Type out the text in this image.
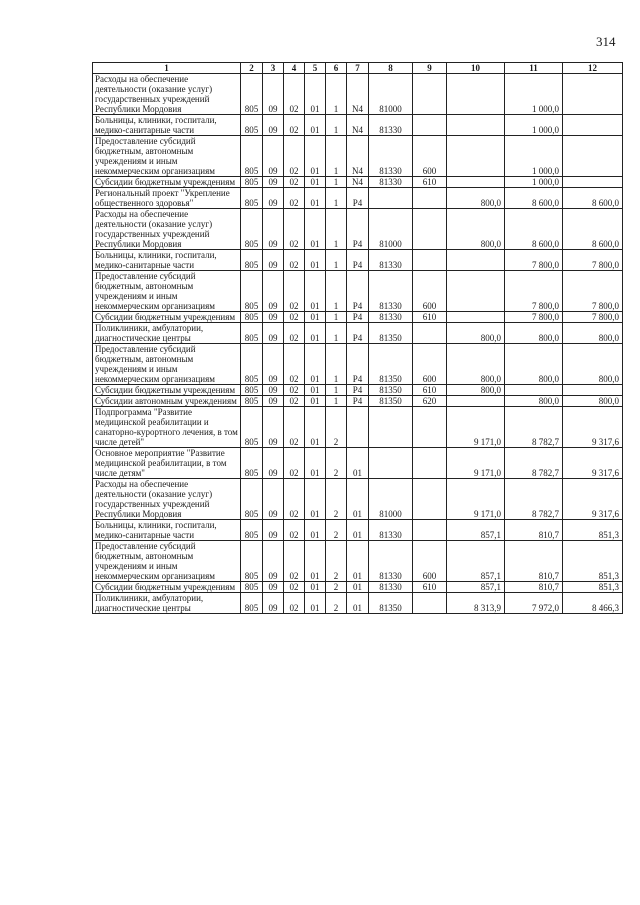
314
1	2	3	4	5	6	7	8	9	10	11	12
Расходы на обеспечение деятельности (оказание услуг) государственных учреждений Республики Мордовия	805	09	02	01	1	N4	81000			1 000,0	
Больницы, клиники, госпитали, медико-санитарные части	805	09	02	01	1	N4	81330			1 000,0	
Предоставление субсидий бюджетным, автономным учреждениям и иным некоммерческим организациям	805	09	02	01	1	N4	81330	600		1 000,0	
Субсидии бюджетным учреждениям	805	09	02	01	1	N4	81330	610		1 000,0	
Региональный проект "Укрепление общественного здоровья"	805	09	02	01	1	P4			800,0	8 600,0	8 600,0
Расходы на обеспечение деятельности (оказание услуг) государственных учреждений Республики Мордовия	805	09	02	01	1	P4	81000		800,0	8 600,0	8 600,0
Больницы, клиники, госпитали, медико-санитарные части	805	09	02	01	1	P4	81330			7 800,0	7 800,0
Предоставление субсидий бюджетным, автономным учреждениям и иным некоммерческим организациям	805	09	02	01	1	P4	81330	600		7 800,0	7 800,0
Субсидии бюджетным учреждениям	805	09	02	01	1	P4	81330	610		7 800,0	7 800,0
Поликлиники, амбулатории, диагностические центры	805	09	02	01	1	P4	81350		800,0	800,0	800,0
Предоставление субсидий бюджетным, автономным учреждениям и иным некоммерческим организациям	805	09	02	01	1	P4	81350	600	800,0	800,0	800,0
Субсидии бюджетным учреждениям	805	09	02	01	1	P4	81350	610	800,0		
Субсидии автономным учреждениям	805	09	02	01	1	P4	81350	620		800,0	800,0
Подпрограмма "Развитие медицинской реабилитации и санаторно-курортного лечения, в том числе детей"	805	09	02	01	2				9 171,0	8 782,7	9 317,6
Основное мероприятие "Развитие медицинской реабилитации, в том числе детям"	805	09	02	01	2	01			9 171,0	8 782,7	9 317,6
Расходы на обеспечение деятельности (оказание услуг) государственных учреждений Республики Мордовия	805	09	02	01	2	01	81000		9 171,0	8 782,7	9 317,6
Больницы, клиники, госпитали, медико-санитарные части	805	09	02	01	2	01	81330		857,1	810,7	851,3
Предоставление субсидий бюджетным, автономным учреждениям и иным некоммерческим организациям	805	09	02	01	2	01	81330	600	857,1	810,7	851,3
Субсидии бюджетным учреждениям	805	09	02	01	2	01	81330	610	857,1	810,7	851,3
Поликлиники, амбулатории, диагностические центры	805	09	02	01	2	01	81350		8 313,9	7 972,0	8 466,3
